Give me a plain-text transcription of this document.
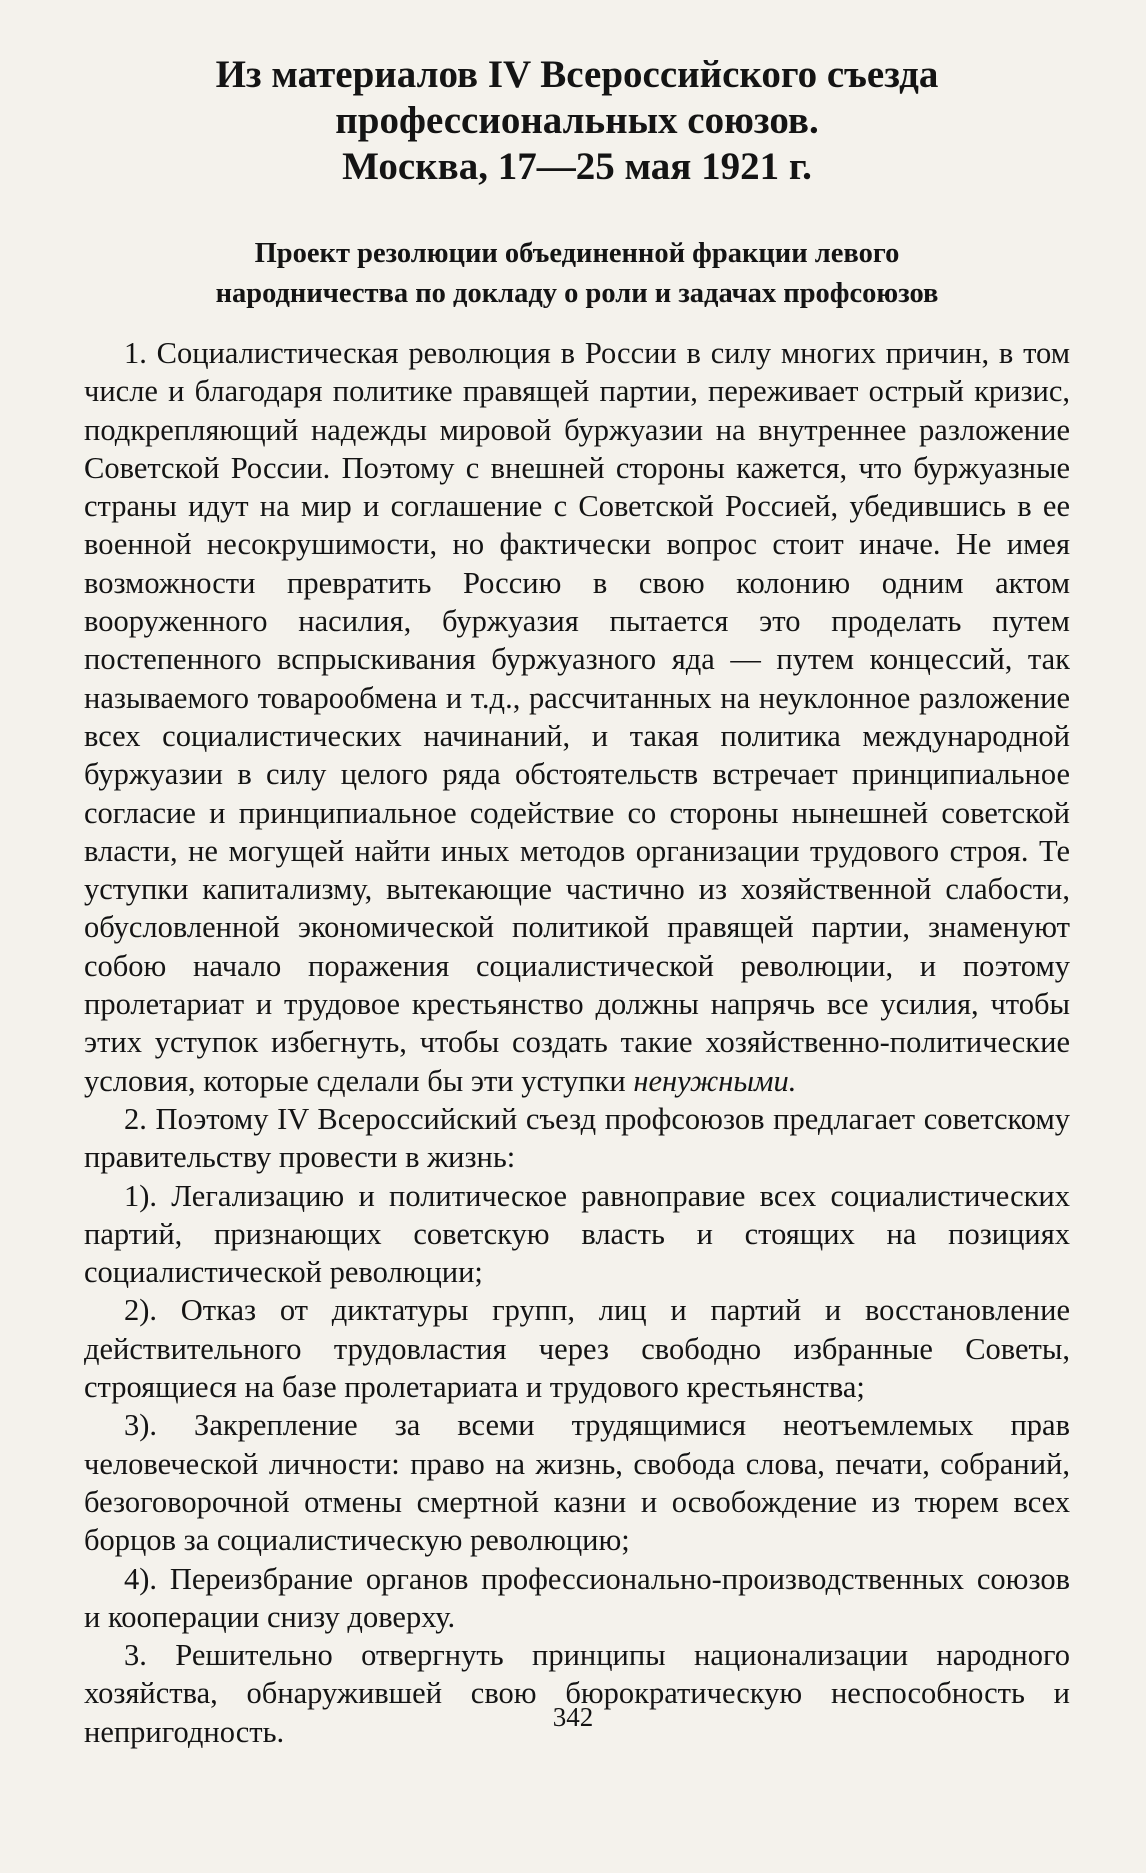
Из материалов IV Всероссийского съезда
профессиональных союзов.
Москва, 17—25 мая 1921 г.
Проект резолюции объединенной фракции левого
народничества по докладу о роли и задачах профсоюзов

1. Социалистическая революция в России в силу многих причин, в том числе и благодаря политике правящей партии, переживает острый кризис, подкрепляющий надежды мировой буржуазии на внутреннее разложение Советской России. Поэтому с внешней стороны кажется, что буржуазные страны идут на мир и соглашение с Советской Россией, убедившись в ее военной несокрушимости, но фактически вопрос стоит иначе. Не имея возможности превратить Россию в свою колонию одним актом вооруженного насилия, буржуазия пытается это проделать путем постепенного вспрыскивания буржуазного яда — путем концессий, так называемого товарообмена и т.д., рассчитанных на неуклонное разложение всех социалистических начинаний, и такая политика международной буржуазии в силу целого ряда обстоятельств встречает принципиальное согласие и принципиальное содействие со стороны нынешней советской власти, не могущей найти иных методов организации трудового строя. Те уступки капитализму, вытекающие частично из хозяйственной слабости, обусловленной экономической политикой правящей партии, знаменуют собою начало поражения социалистической революции, и поэтому пролетариат и трудовое крестьянство должны напрячь все усилия, чтобы этих уступок избегнуть, чтобы создать такие хозяйственно-политические условия, которые сделали бы эти уступки ненужными.

2. Поэтому IV Всероссийский съезд профсоюзов предлагает советскому правительству провести в жизнь:

1). Легализацию и политическое равноправие всех социалистических партий, признающих советскую власть и стоящих на позициях социалистической революции;

2). Отказ от диктатуры групп, лиц и партий и восстановление действительного трудовластия через свободно избранные Советы, строящиеся на базе пролетариата и трудового крестьянства;

3). Закрепление за всеми трудящимися неотъемлемых прав человеческой личности: право на жизнь, свобода слова, печати, собраний, безоговорочной отмены смертной казни и освобождение из тюрем всех борцов за социалистическую революцию;

4). Переизбрание органов профессионально-производственных союзов и кооперации снизу доверху.

3. Решительно отвергнуть принципы национализации народного хозяйства, обнаружившей свою бюрократическую неспособность и непригодность.	342
